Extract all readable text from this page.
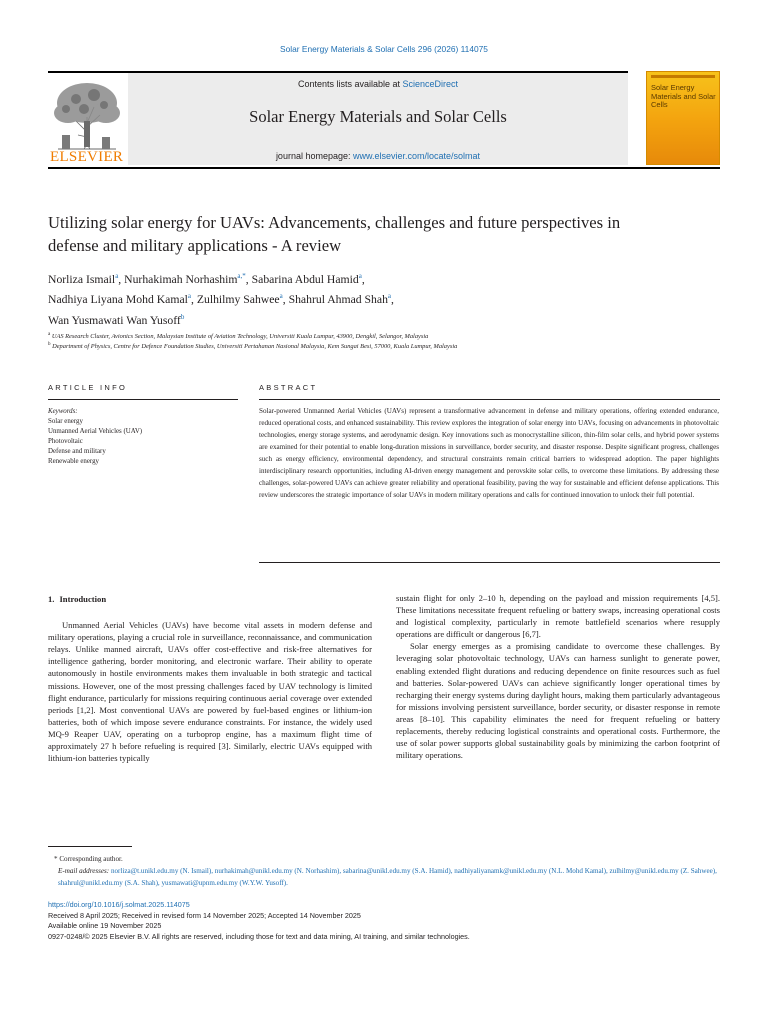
Solar Energy Materials & Solar Cells 296 (2026) 114075
ELSEVIER
Contents lists available at ScienceDirect
Solar Energy Materials and Solar Cells
journal homepage: www.elsevier.com/locate/solmat
Solar Energy Materials and Solar Cells
Utilizing solar energy for UAVs: Advancements, challenges and future perspectives in defense and military applications - A review
Norliza Ismail$^a$, Nurhakimah Norhashim$^{a,*}$, Sabarina Abdul Hamid$^a$,
Nadhiya Liyana Mohd Kamal$^a$, Zulhilmy Sahwee$^a$, Shahrul Ahmad Shah$^a$,
Wan Yusmawati Wan Yusoff$^b$
$^a$ UAS Research Cluster, Avionics Section, Malaysian Institute of Aviation Technology, Universiti Kuala Lumpur, 43900, Dengkil, Selangor, Malaysia
$^b$ Department of Physics, Centre for Defence Foundation Studies, Universiti Pertahanan Nasional Malaysia, Kem Sungai Besi, 57000, Kuala Lumpur, Malaysia
ARTICLE INFO	ABSTRACT
Keywords:
Solar energy
Unmanned Aerial Vehicles (UAV)
Photovoltaic
Defense and military
Renewable energy
Solar-powered Unmanned Aerial Vehicles (UAVs) represent a transformative advancement in defense and military operations, offering extended endurance, reduced operational costs, and enhanced sustainability. This review explores the integration of solar energy into UAVs, focusing on advancements in photovoltaic technologies, energy storage systems, and aerodynamic design. Key innovations such as monocrystalline silicon, thin-film solar cells, and hybrid power systems are examined for their potential to enable long-duration missions in surveillance, border security, and disaster response. Despite significant progress, challenges such as energy efficiency, environmental dependency, and structural constraints remain critical barriers to widespread adoption. The paper highlights interdisciplinary research opportunities, including AI-driven energy management and perovskite solar cells, to overcome these limitations. By addressing these challenges, solar-powered UAVs can achieve greater reliability and operational feasibility, paving the way for sustainable and efficient defense applications. This review underscores the strategic importance of solar UAVs in modern military operations and calls for continued innovation to unlock their full potential.
1. Introduction

Unmanned Aerial Vehicles (UAVs) have become vital assets in modern defense and military operations, playing a crucial role in surveillance, reconnaissance, and communication relays. Unlike manned aircraft, UAVs offer cost-effective and risk-free alternatives for intelligence gathering, border monitoring, and electronic warfare. Their ability to operate autonomously in hostile environments makes them invaluable in both strategic and tactical missions. However, one of the most pressing challenges faced by UAV technology is limited flight endurance, particularly for missions requiring continuous aerial coverage over extended periods [1,2]. Most conventional UAVs are powered by fuel-based engines or lithium-ion batteries, both of which impose severe endurance constraints. For instance, the widely used MQ-9 Reaper UAV, operating on a turboprop engine, has a maximum flight time of approximately 27 h before refueling is required [3]. Similarly, electric UAVs equipped with lithium-ion batteries typically

sustain flight for only 2–10 h, depending on the payload and mission requirements [4,5]. These limitations necessitate frequent refueling or battery swaps, increasing operational costs and logistical complexity, particularly in remote battlefield scenarios where resupply operations are difficult or dangerous [6,7].

Solar energy emerges as a promising candidate to overcome these challenges. By leveraging solar photovoltaic technology, UAVs can harness sunlight to generate power, enabling extended flight durations and reducing dependence on finite resources such as fuel and batteries. Solar-powered UAVs can achieve significantly longer operational times by recharging their energy systems during daylight hours, making them particularly advantageous for missions involving persistent surveillance, border security, or disaster response in remote areas [8–10]. This capability eliminates the need for frequent refueling or battery replacements, thereby reducing logistical constraints and operational costs. Furthermore, the use of solar power supports global sustainability goals by minimizing the carbon footprint of military operations.

* Corresponding author.
E-mail addresses: norliza@t.unikl.edu.my (N. Ismail), nurhakimah@unikl.edu.my (N. Norhashim), sabarina@unikl.edu.my (S.A. Hamid), nadhiyaliyanamk@unikl.edu.my (N.L. Mohd Kamal), zulhilmy@unikl.edu.my (Z. Sahwee), shahrul@unikl.edu.my (S.A. Shah), yusmawati@upnm.edu.my (W.Y.W. Yusoff).
https://doi.org/10.1016/j.solmat.2025.114075
Received 8 April 2025; Received in revised form 14 November 2025; Accepted 14 November 2025
Available online 19 November 2025
0927-0248/© 2025 Elsevier B.V. All rights are reserved, including those for text and data mining, AI training, and similar technologies.
